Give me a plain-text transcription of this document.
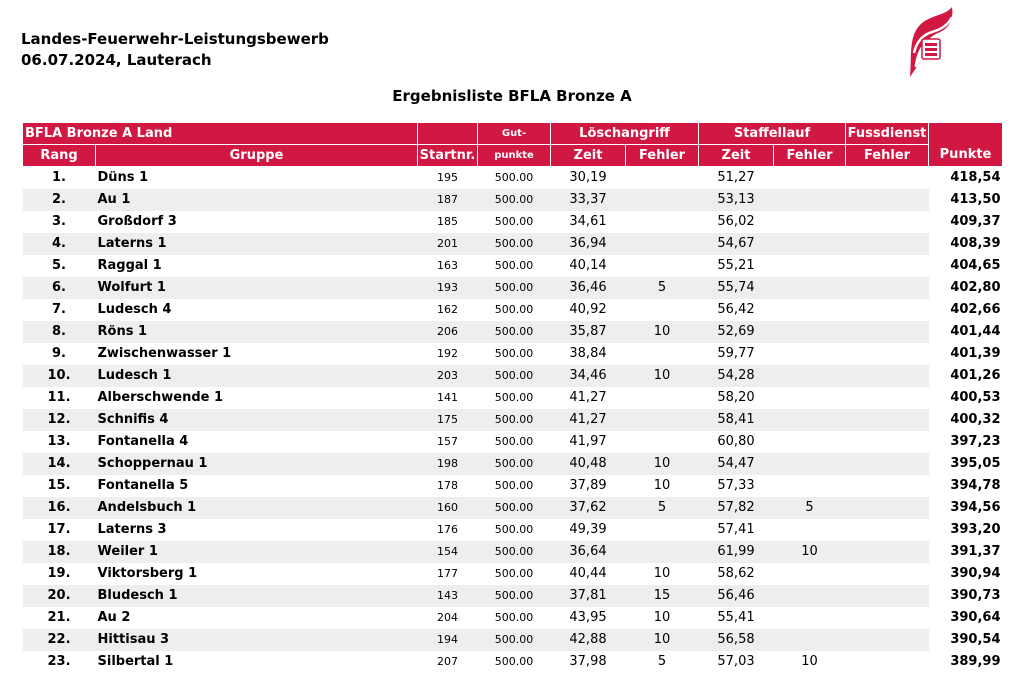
Landes-Feuerwehr-Leistungsbewerb
06.07.2024, Lauterach
Ergebnisliste BFLA Bronze A
BFLA Bronze A Land			Gut-	Löschangriff		Staffellauf		Fussdienst	Punkte
Rang	Gruppe	Startnr.	punkte	Zeit	Fehler	Zeit	Fehler	Fehler	
1.	Düns 1	195	500.00	30,19		51,27			418,54
2.	Au 1	187	500.00	33,37		53,13			413,50
3.	Großdorf 3	185	500.00	34,61		56,02			409,37
4.	Laterns 1	201	500.00	36,94		54,67			408,39
5.	Raggal 1	163	500.00	40,14		55,21			404,65
6.	Wolfurt 1	193	500.00	36,46	5	55,74			402,80
7.	Ludesch 4	162	500.00	40,92		56,42			402,66
8.	Röns 1	206	500.00	35,87	10	52,69			401,44
9.	Zwischenwasser 1	192	500.00	38,84		59,77			401,39
10.	Ludesch 1	203	500.00	34,46	10	54,28			401,26
11.	Alberschwende 1	141	500.00	41,27		58,20			400,53
12.	Schnifis 4	175	500.00	41,27		58,41			400,32
13.	Fontanella 4	157	500.00	41,97		60,80			397,23
14.	Schoppernau 1	198	500.00	40,48	10	54,47			395,05
15.	Fontanella 5	178	500.00	37,89	10	57,33			394,78
16.	Andelsbuch 1	160	500.00	37,62	5	57,82	5		394,56
17.	Laterns 3	176	500.00	49,39		57,41			393,20
18.	Weiler 1	154	500.00	36,64		61,99	10		391,37
19.	Viktorsberg 1	177	500.00	40,44	10	58,62			390,94
20.	Bludesch 1	143	500.00	37,81	15	56,46			390,73
21.	Au 2	204	500.00	43,95	10	55,41			390,64
22.	Hittisau 3	194	500.00	42,88	10	56,58			390,54
23.	Silbertal 1	207	500.00	37,98	5	57,03	10		389,99
